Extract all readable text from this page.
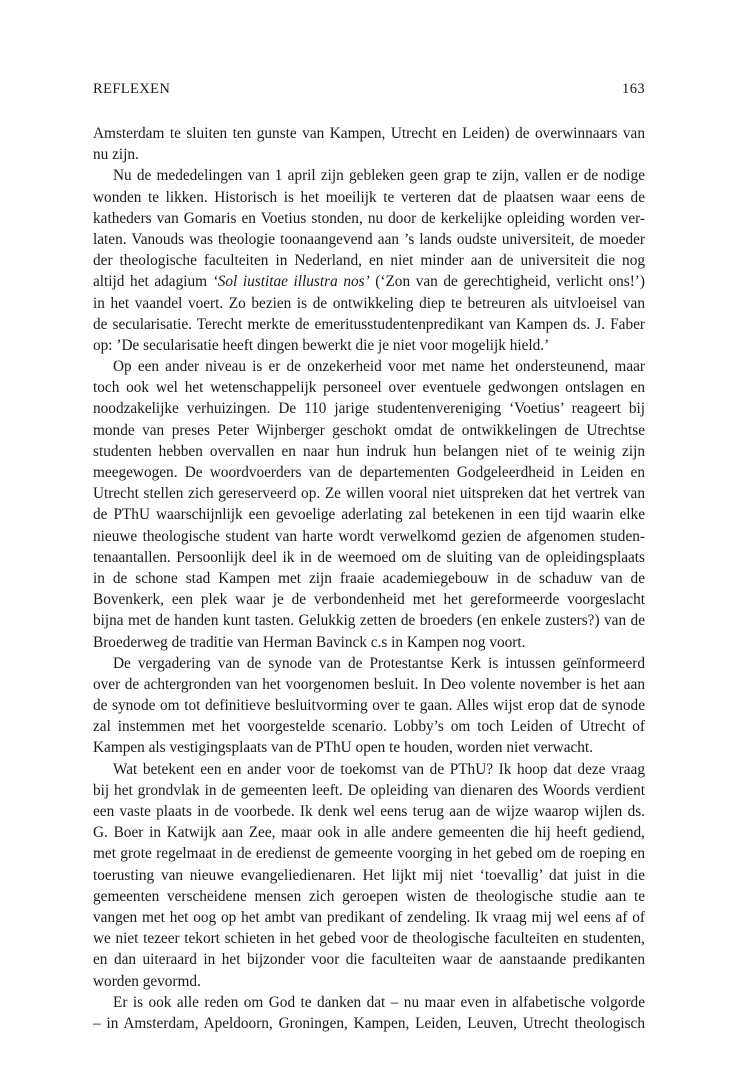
REFLEXEN	163
Amsterdam te sluiten ten gunste van Kampen, Utrecht en Leiden) de overwinnaars van
nu zijn.
Nu de mededelingen van 1 april zijn gebleken geen grap te zijn, vallen er de nodige
wonden te likken. Historisch is het moeilijk te verteren dat de plaatsen waar eens de
katheders van Gomaris en Voetius stonden, nu door de kerkelijke opleiding worden ver-
laten. Vanouds was theologie toonaangevend aan ’s lands oudste universiteit, de moeder
der theologische faculteiten in Nederland, en niet minder aan de universiteit die nog
altijd het adagium ‘Sol iustitae illustra nos’ (‘Zon van de gerechtigheid, verlicht ons!’)
in het vaandel voert. Zo bezien is de ontwikkeling diep te betreuren als uitvloeisel van
de secularisatie. Terecht merkte de emeritusstudentenpredikant van Kampen ds. J. Faber
op: ’De secularisatie heeft dingen bewerkt die je niet voor mogelijk hield.’
Op een ander niveau is er de onzekerheid voor met name het ondersteunend, maar
toch ook wel het wetenschappelijk personeel over eventuele gedwongen ontslagen en
noodzakelijke verhuizingen. De 110 jarige studentenvereniging ‘Voetius’ reageert bij
monde van preses Peter Wijnberger geschokt omdat de ontwikkelingen de Utrechtse
studenten hebben overvallen en naar hun indruk hun belangen niet of te weinig zijn
meegewogen. De woordvoerders van de departementen Godgeleerdheid in Leiden en
Utrecht stellen zich gereserveerd op. Ze willen vooral niet uitspreken dat het vertrek van
de PThU waarschijnlijk een gevoelige aderlating zal betekenen in een tijd waarin elke
nieuwe theologische student van harte wordt verwelkomd gezien de afgenomen studen-
tenaantallen. Persoonlijk deel ik in de weemoed om de sluiting van de opleidingsplaats
in de schone stad Kampen met zijn fraaie academiegebouw in de schaduw van de
Bovenkerk, een plek waar je de verbondenheid met het gereformeerde voorgeslacht
bijna met de handen kunt tasten. Gelukkig zetten de broeders (en enkele zusters?) van de
Broederweg de traditie van Herman Bavinck c.s in Kampen nog voort.
De vergadering van de synode van de Protestantse Kerk is intussen geïnformeerd
over de achtergronden van het voorgenomen besluit. In Deo volente november is het aan
de synode om tot definitieve besluitvorming over te gaan. Alles wijst erop dat de synode
zal instemmen met het voorgestelde scenario. Lobby’s om toch Leiden of Utrecht of
Kampen als vestigingsplaats van de PThU open te houden, worden niet verwacht.
Wat betekent een en ander voor de toekomst van de PThU? Ik hoop dat deze vraag
bij het grondvlak in de gemeenten leeft. De opleiding van dienaren des Woords verdient
een vaste plaats in de voorbede. Ik denk wel eens terug aan de wijze waarop wijlen ds.
G. Boer in Katwijk aan Zee, maar ook in alle andere gemeenten die hij heeft gediend,
met grote regelmaat in de eredienst de gemeente voorging in het gebed om de roeping en
toerusting van nieuwe evangeliedienaren. Het lijkt mij niet ‘toevallig’ dat juist in die
gemeenten verscheidene mensen zich geroepen wisten de theologische studie aan te
vangen met het oog op het ambt van predikant of zendeling. Ik vraag mij wel eens af of
we niet tezeer tekort schieten in het gebed voor de theologische faculteiten en studenten,
en dan uiteraard in het bijzonder voor die faculteiten waar de aanstaande predikanten
worden gevormd.
Er is ook alle reden om God te danken dat – nu maar even in alfabetische volgorde
– in Amsterdam, Apeldoorn, Groningen, Kampen, Leiden, Leuven, Utrecht theologisch
